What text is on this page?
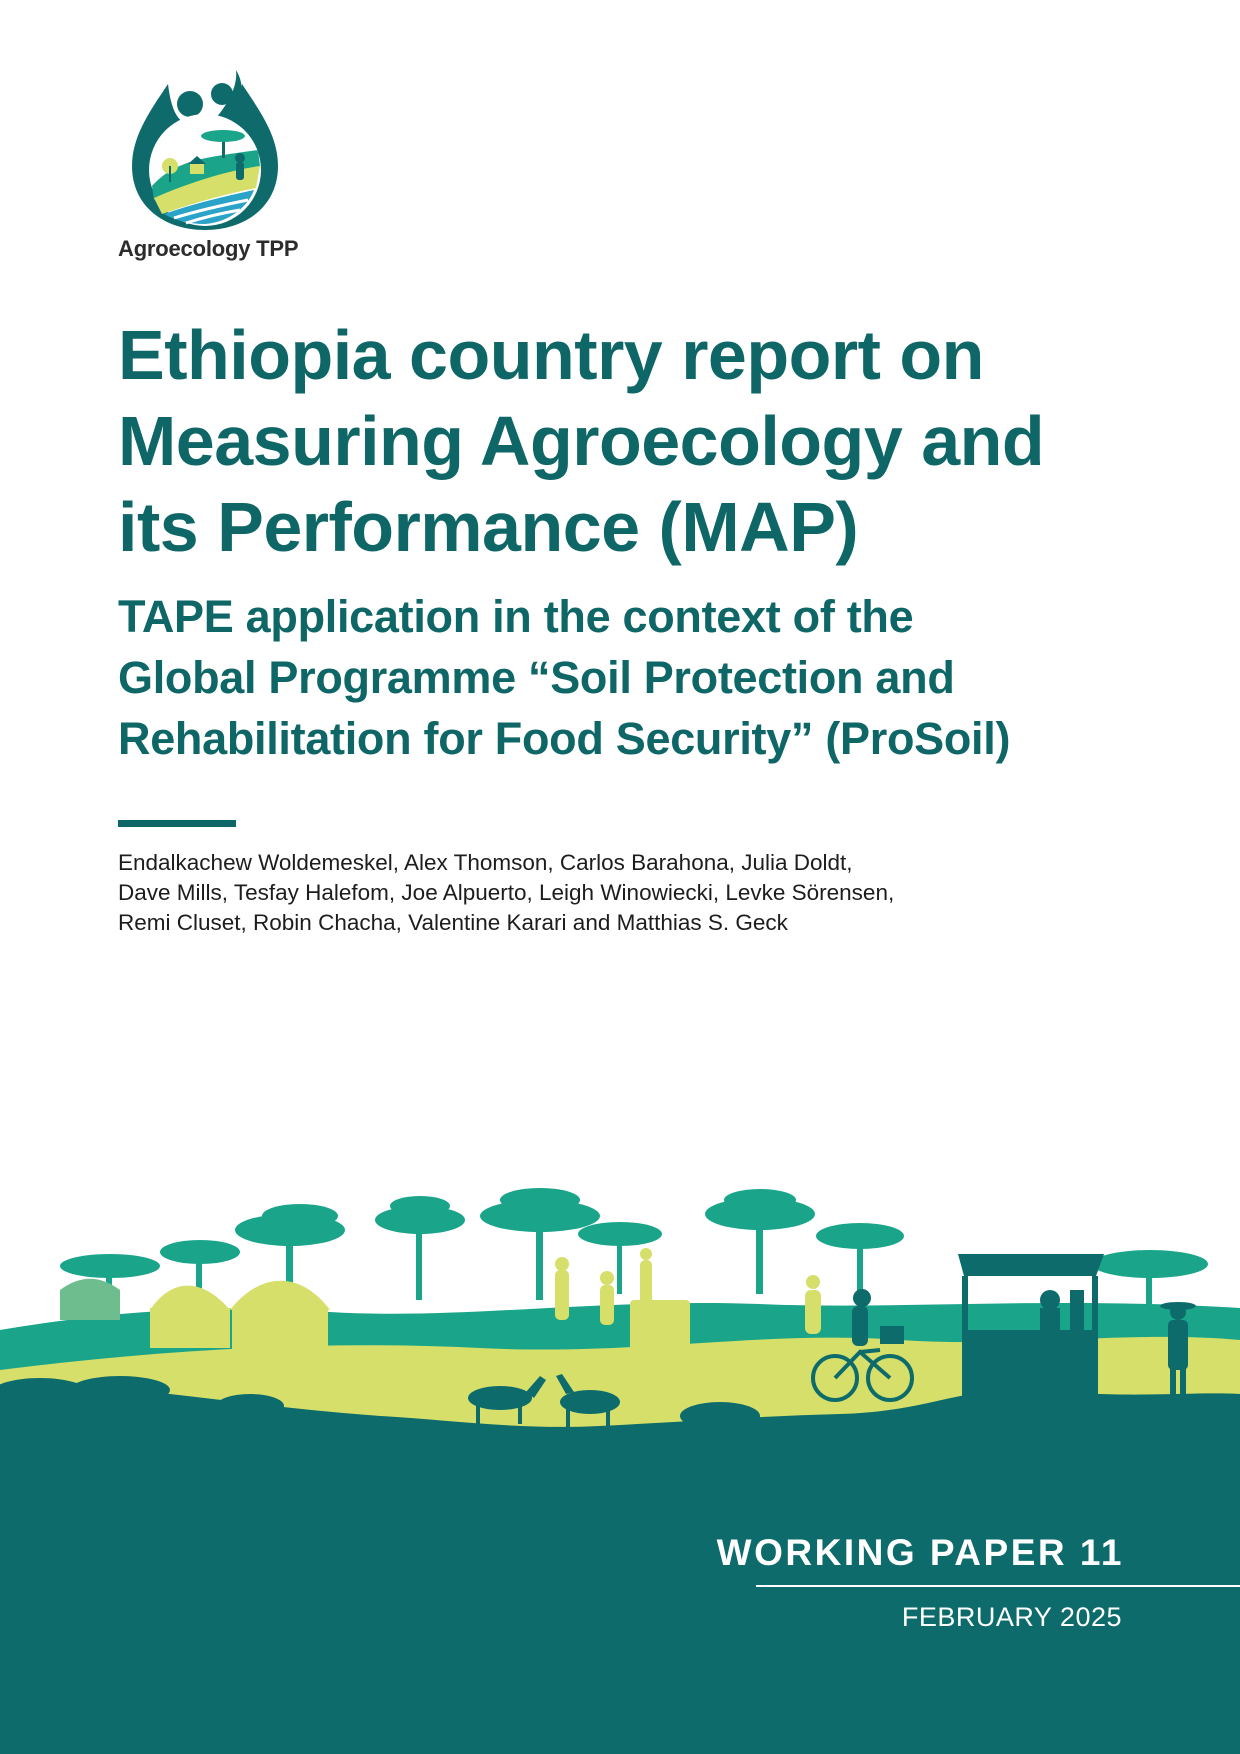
Agroecology TPP
Ethiopia country report on
Measuring Agroecology and
its Performance (MAP)
TAPE application in the context of the
Global Programme “Soil Protection and
Rehabilitation for Food Security” (ProSoil)

Endalkachew Woldemeskel, Alex Thomson, Carlos Barahona, Julia Doldt,
Dave Mills, Tesfay Halefom, Joe Alpuerto, Leigh Winowiecki, Levke Sörensen,
Remi Cluset, Robin Chacha, Valentine Karari and Matthias S. Geck

WORKING PAPER 11
FEBRUARY 2025
